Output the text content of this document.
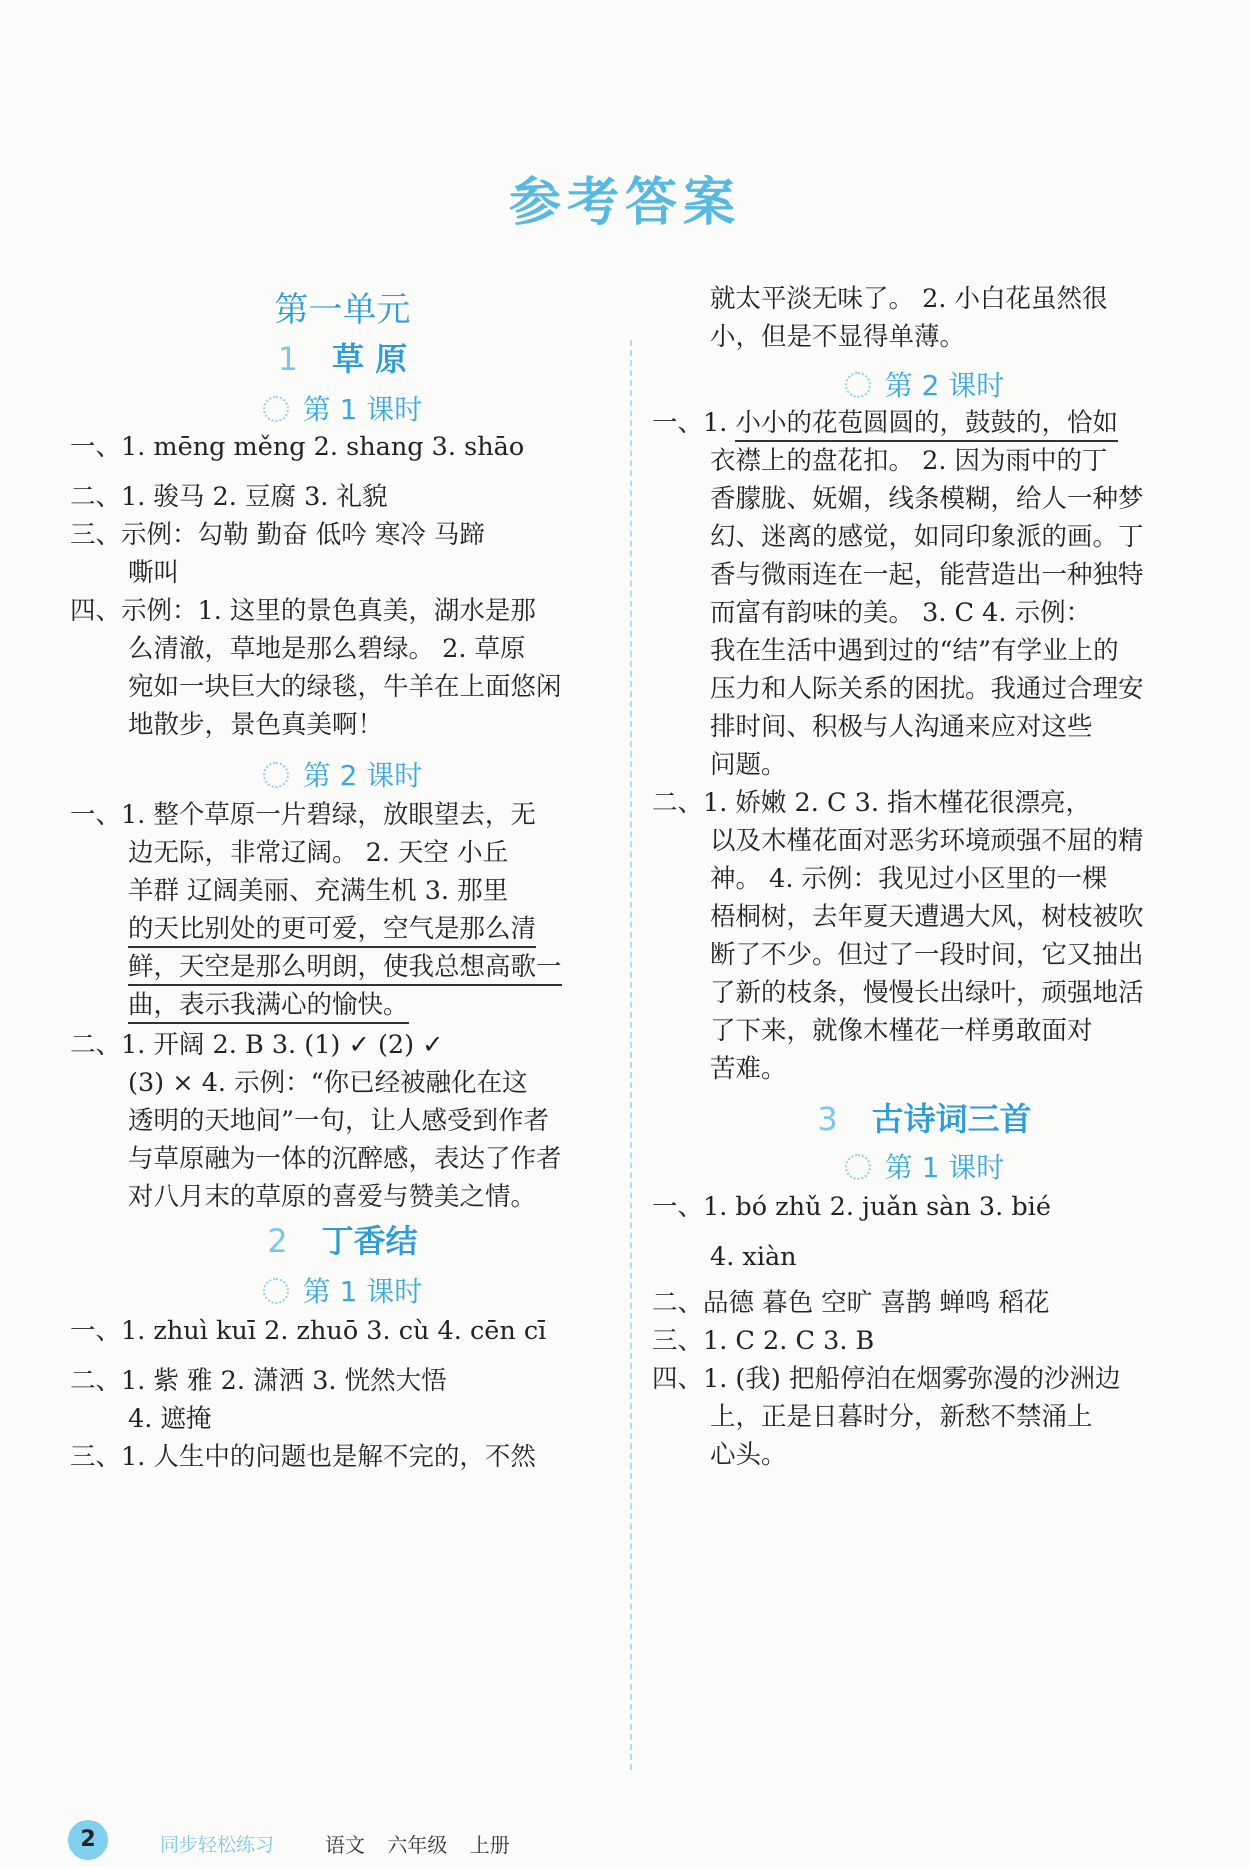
参考答案
第一单元
1 草 原
第 1 课时
一、1. mēng měng 2. shang 3. shāo
二、1. 骏马 2. 豆腐 3. 礼貌
三、示例：勾勒 勤奋 低吟 寒冷 马蹄
嘶叫
四、示例：1. 这里的景色真美，湖水是那
么清澈，草地是那么碧绿。 2. 草原
宛如一块巨大的绿毯，牛羊在上面悠闲
地散步，景色真美啊！
第 2 课时
一、1. 整个草原一片碧绿，放眼望去，无
边无际，非常辽阔。 2. 天空 小丘
羊群 辽阔美丽、充满生机 3. 那里
的天比别处的更可爱，空气是那么清
鲜，天空是那么明朗，使我总想高歌一
曲，表示我满心的愉快。
二、1. 开阔 2. B 3. (1) ✓ (2) ✓
(3) × 4. 示例：“你已经被融化在这
透明的天地间”一句，让人感受到作者
与草原融为一体的沉醉感，表达了作者
对八月末的草原的喜爱与赞美之情。
2 丁香结
第 1 课时
一、1. zhuì kuī 2. zhuō 3. cù 4. cēn cī
二、1. 紫 雅 2. 潇洒 3. 恍然大悟
4. 遮掩
三、1. 人生中的问题也是解不完的，不然
就太平淡无味了。 2. 小白花虽然很
小，但是不显得单薄。
第 2 课时
一、1. 小小的花苞圆圆的，鼓鼓的，恰如
衣襟上的盘花扣。 2. 因为雨中的丁
香朦胧、妩媚，线条模糊，给人一种梦
幻、迷离的感觉，如同印象派的画。丁
香与微雨连在一起，能营造出一种独特
而富有韵味的美。 3. C 4. 示例：
我在生活中遇到过的“结”有学业上的
压力和人际关系的困扰。我通过合理安
排时间、积极与人沟通来应对这些
问题。
二、1. 娇嫩 2. C 3. 指木槿花很漂亮，
以及木槿花面对恶劣环境顽强不屈的精
神。 4. 示例：我见过小区里的一棵
梧桐树，去年夏天遭遇大风，树枝被吹
断了不少。但过了一段时间，它又抽出
了新的枝条，慢慢长出绿叶，顽强地活
了下来，就像木槿花一样勇敢面对
苦难。
3 古诗词三首
第 1 课时
一、1. bó zhǔ 2. juǎn sàn 3. bié
4. xiàn
二、品德 暮色 空旷 喜鹊 蝉鸣 稻花
三、1. C 2. C 3. B
四、1. (我) 把船停泊在烟雾弥漫的沙洲边
上，正是日暮时分，新愁不禁涌上
心头。
2	同步轻松练习	语文 六年级 上册
